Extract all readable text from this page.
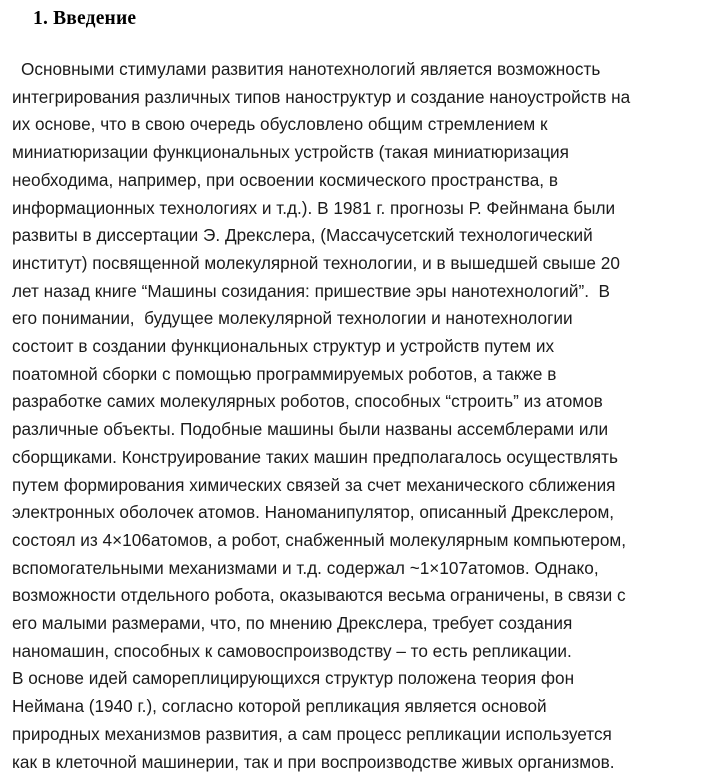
1. Введение
Основными стимулами развития нанотехнологий является возможность
интегрирования различных типов наноструктур и создание наноустройств на
их основе, что в свою очередь обусловлено общим стремлением к
миниатюризации функциональных устройств (такая миниатюризация
необходима, например, при освоении космического пространства, в
информационных технологиях и т.д.). В 1981 г. прогнозы Р. Фейнмана были
развиты в диссертации Э. Дрекслера, (Массачусетский технологический
институт) посвященной молекулярной технологии, и в вышедшей свыше 20
лет назад книге “Машины созидания: пришествие эры нанотехнологий”.  В
его понимании,  будущее молекулярной технологии и нанотехнологии
состоит в создании функциональных структур и устройств путем их
поатомной сборки с помощью программируемых роботов, а также в
разработке самих молекулярных роботов, способных “строить” из атомов
различные объекты. Подобные машины были названы ассемблерами или
сборщиками. Конструирование таких машин предполагалось осуществлять
путем формирования химических связей за счет механического сближения
электронных оболочек атомов. Наноманипулятор, описанный Дрекслером,
состоял из 4×106атомов, а робот, снабженный молекулярным компьютером,
вспомогательными механизмами и т.д. содержал ~1×107атомов. Однако,
возможности отдельного робота, оказываются весьма ограничены, в связи с
его малыми размерами, что, по мнению Дрекслера, требует создания
наномашин, способных к самовоспроизводству – то есть репликации.
В основе идей самореплицирующихся структур положена теория фон
Неймана (1940 г.), согласно которой репликация является основой
природных механизмов развития, а сам процесс репликации используется
как в клеточной машинерии, так и при воспроизводстве живых организмов.
